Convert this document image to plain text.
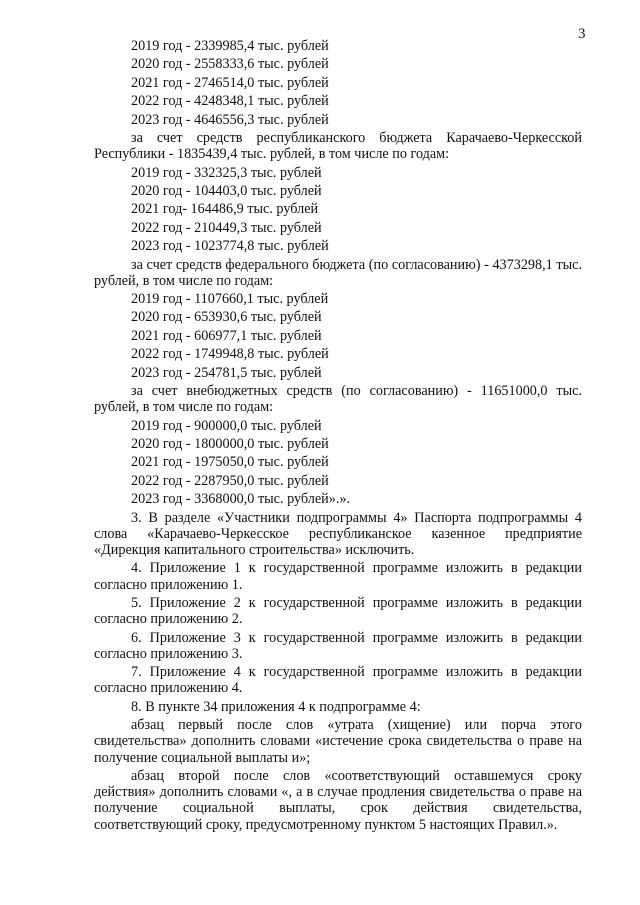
3
2019 год - 2339985,4 тыс. рублей
2020 год - 2558333,6 тыс. рублей
2021 год - 2746514,0 тыс. рублей
2022 год - 4248348,1 тыс. рублей
2023 год - 4646556,3 тыс. рублей

за счет средств республиканского бюджета Карачаево-Черкесской Республики - 1835439,4 тыс. рублей, в том числе по годам:

2019 год - 332325,3 тыс. рублей
2020 год - 104403,0 тыс. рублей
2021 год- 164486,9 тыс. рублей
2022 год - 210449,3 тыс. рублей
2023 год - 1023774,8 тыс. рублей

за счет средств федерального бюджета (по согласованию) - 4373298,1 тыс. рублей, в том числе по годам:

2019 год - 1107660,1 тыс. рублей
2020 год - 653930,6 тыс. рублей
2021 год - 606977,1 тыс. рублей
2022 год - 1749948,8 тыс. рублей
2023 год - 254781,5 тыс. рублей

за счет внебюджетных средств (по согласованию) - 11651000,0 тыс. рублей, в том числе по годам:

2019 год - 900000,0 тыс. рублей
2020 год - 1800000,0 тыс. рублей
2021 год - 1975050,0 тыс. рублей
2022 год - 2287950,0 тыс. рублей
2023 год - 3368000,0 тыс. рублей».».

3. В разделе «Участники подпрограммы 4» Паспорта подпрограммы 4 слова «Карачаево-Черкесское республиканское казенное предприятие «Дирекция капитального строительства» исключить.

4. Приложение 1 к государственной программе изложить в редакции согласно приложению 1.

5. Приложение 2 к государственной программе изложить в редакции согласно приложению 2.

6. Приложение 3 к государственной программе изложить в редакции согласно приложению 3.

7. Приложение 4 к государственной программе изложить в редакции согласно приложению 4.

8. В пункте 34 приложения 4 к подпрограмме 4:

абзац первый после слов «утрата (хищение) или порча этого свидетельства» дополнить словами «истечение срока свидетельства о праве на получение социальной выплаты и»;

абзац второй после слов «соответствующий оставшемуся сроку действия» дополнить словами «, а в случае продления свидетельства о праве на получение социальной выплаты, срок действия свидетельства, соответствующий сроку, предусмотренному пунктом 5 настоящих Правил.».
